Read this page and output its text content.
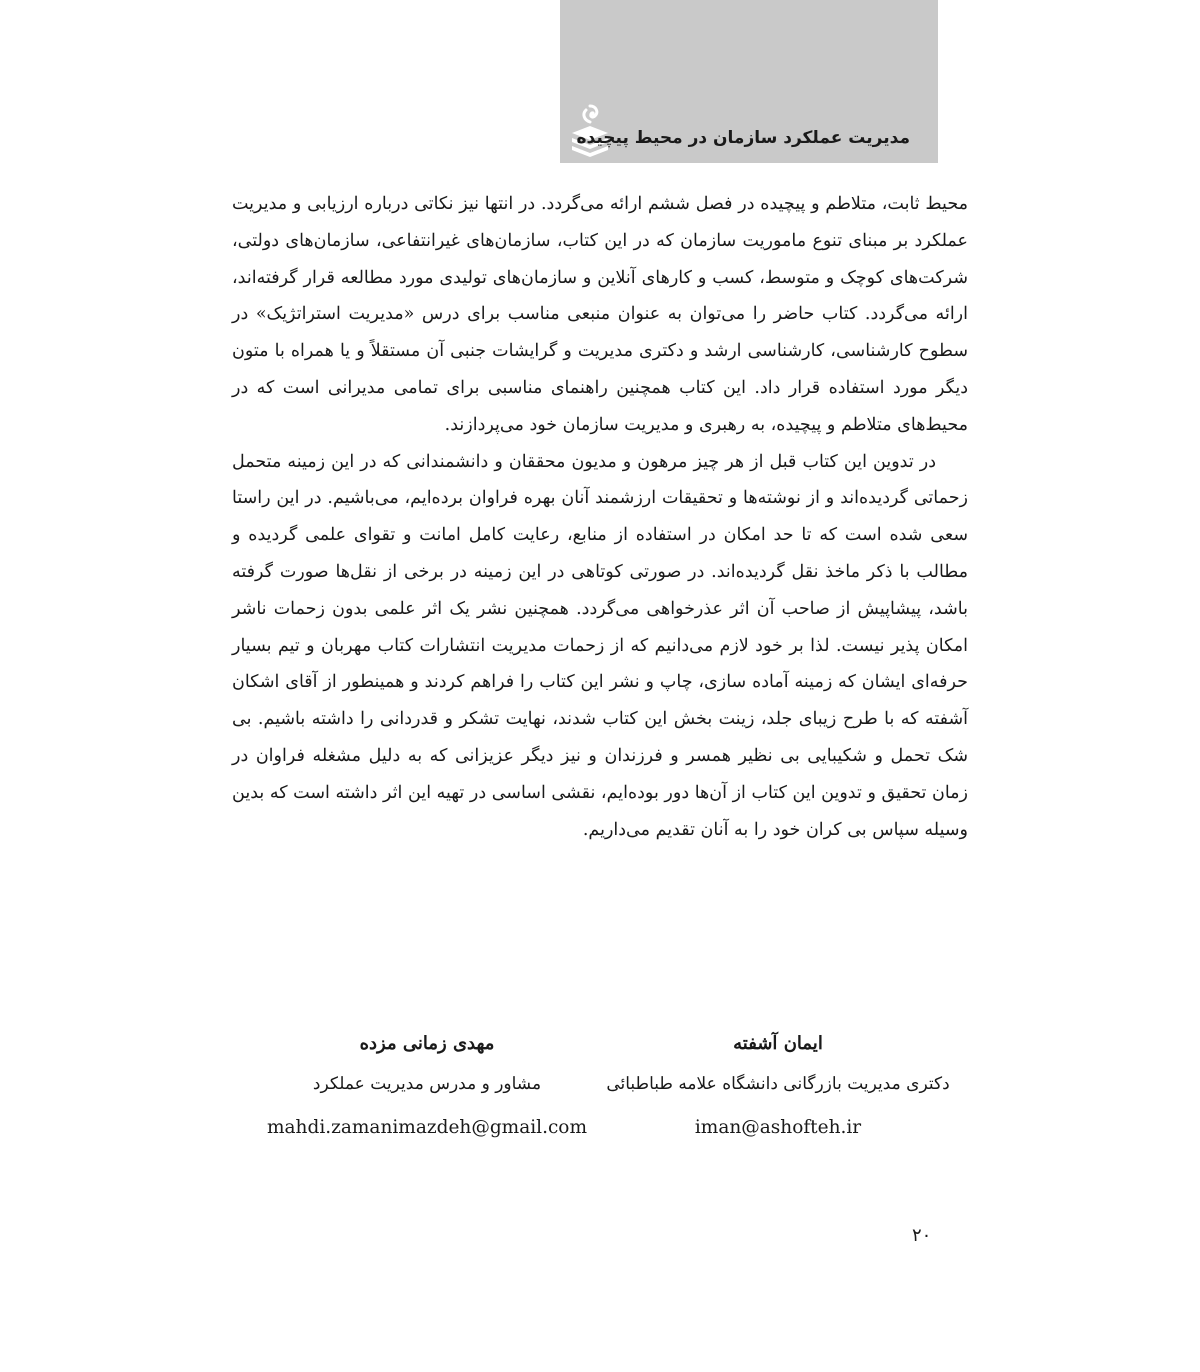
مدیریت عملکرد سازمان در محیط پیچیده

محیط ثابت، متلاطم و پیچیده در فصل ششم ارائه می‌گردد. در انتها نیز نکاتی درباره ارزیابی و مدیریت عملکرد بر مبنای تنوع ماموریت سازمان که در این کتاب، سازمان‌های غیرانتفاعی، سازمان‌های دولتی، شرکت‌های کوچک و متوسط، کسب و کارهای آنلاین و سازمان‌های تولیدی مورد مطالعه قرار گرفته‌اند، ارائه می‌گردد. کتاب حاضر را می‌توان به عنوان منبعی مناسب برای درس «مدیریت استراتژیک» در سطوح کارشناسی، کارشناسی ارشد و دکتری مدیریت و گرایشات جنبی آن مستقلاً و یا همراه با متون دیگر مورد استفاده قرار داد. این کتاب همچنین راهنمای مناسبی برای تمامی مدیرانی است که در محیط‌های متلاطم و پیچیده، به رهبری و مدیریت سازمان خود می‌پردازند.

در تدوین این کتاب قبل از هر چیز مرهون و مدیون محققان و دانشمندانی که در این زمینه متحمل زحماتی گردیده‌اند و از نوشته‌ها و تحقیقات ارزشمند آنان بهره فراوان برده‌ایم، می‌باشیم. در این راستا سعی شده است که تا حد امکان در استفاده از منابع، رعایت کامل امانت و تقوای علمی گردیده و مطالب با ذکر ماخذ نقل گردیده‌اند. در صورتی کوتاهی در این زمینه در برخی از نقل‌ها صورت گرفته باشد، پیشاپیش از صاحب آن اثر عذرخواهی می‌گردد. همچنین نشر یک اثر علمی بدون زحمات ناشر امکان پذیر نیست. لذا بر خود لازم می‌دانیم که از زحمات مدیریت انتشارات کتاب مهربان و تیم بسیار حرفه‌ای ایشان که زمینه آماده سازی، چاپ و نشر این کتاب را فراهم کردند و همینطور از آقای اشکان آشفته که با طرح زیبای جلد، زینت بخش این کتاب شدند، نهایت تشکر و قدردانی را داشته باشیم. بی شک تحمل و شکیبایی بی نظیر همسر و فرزندان و نیز دیگر عزیزانی که به دلیل مشغله فراوان در زمان تحقیق و تدوین این کتاب از آن‌ها دور بوده‌ایم، نقشی اساسی در تهیه این اثر داشته است که بدین وسیله سپاس بی کران خود را به آنان تقدیم می‌داریم.

ایمان آشفته
دکتری مدیریت بازرگانی دانشگاه علامه طباطبائی
iman@ashofteh.ir
مهدی زمانی مزده
مشاور و مدرس مدیریت عملکرد
mahdi.zamanimazdeh@gmail.com
۲۰
